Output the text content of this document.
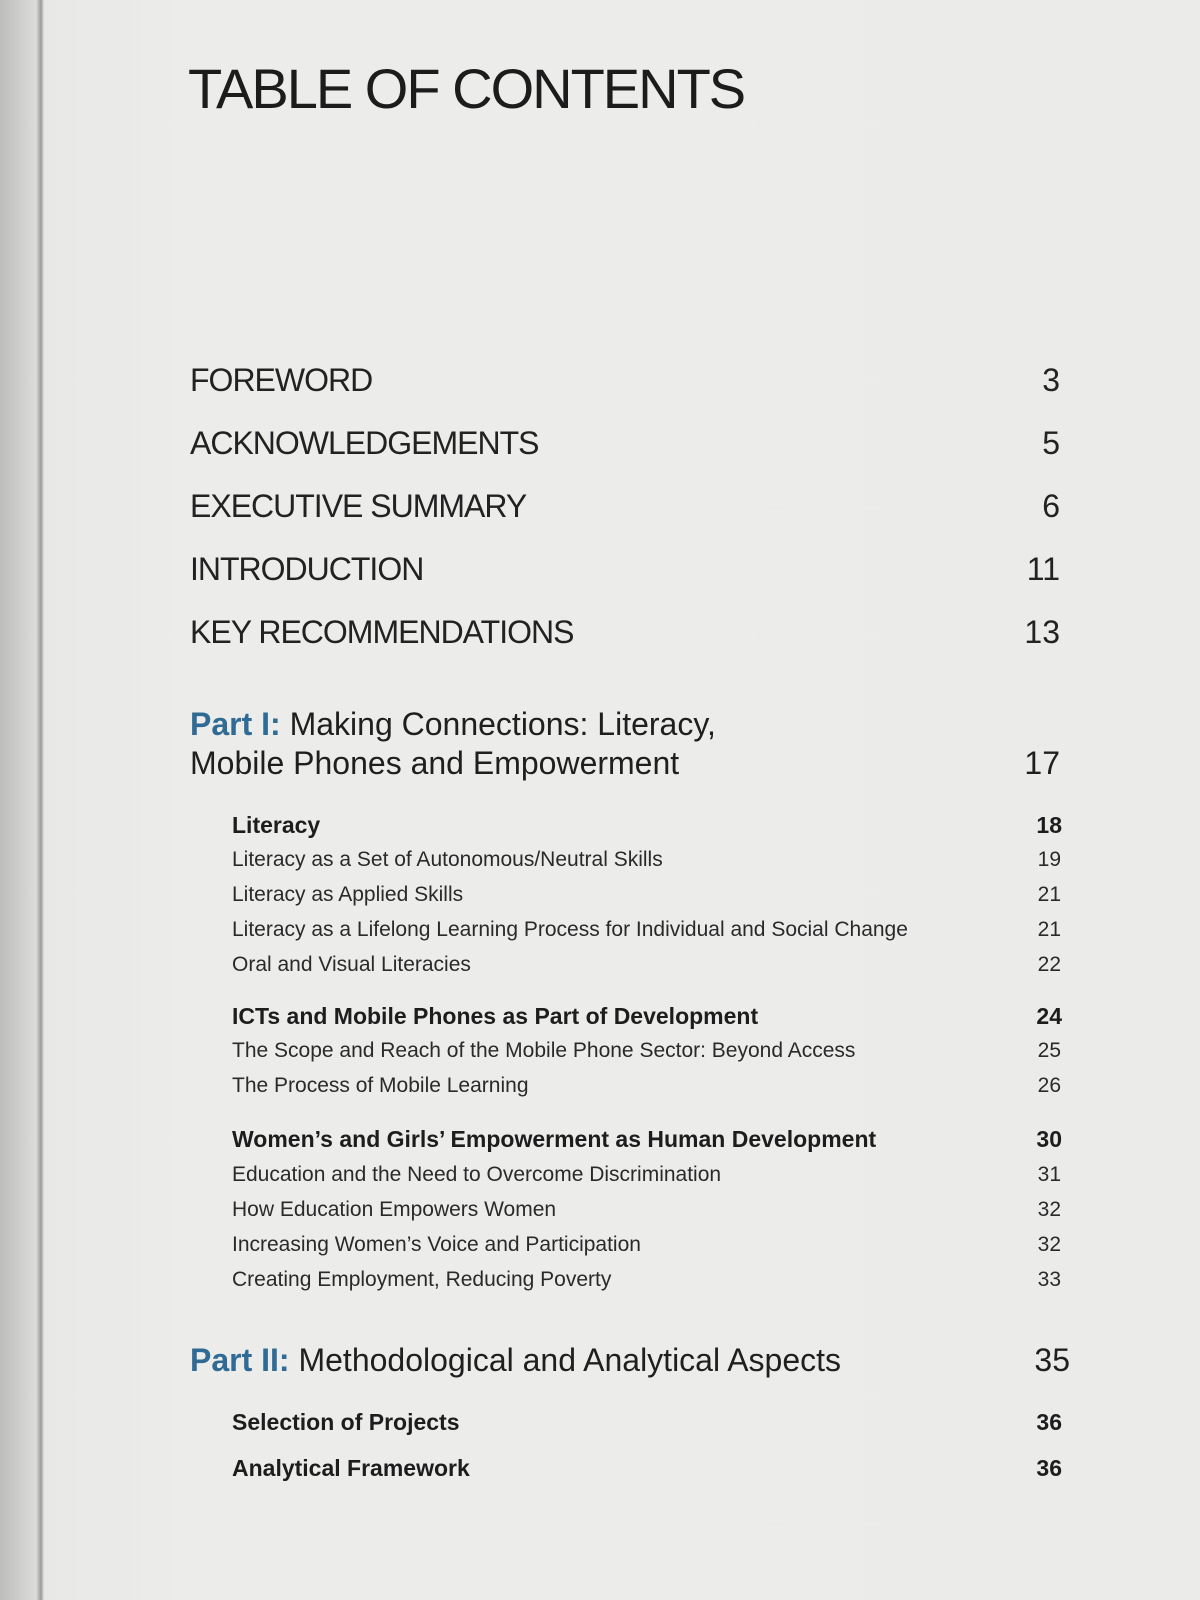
TABLE OF CONTENTS
FOREWORD	3
ACKNOWLEDGEMENTS	5
EXECUTIVE SUMMARY	6
INTRODUCTION	11
KEY RECOMMENDATIONS	13
Part I: Making Connections: Literacy,
Mobile Phones and Empowerment	17
Literacy	18
Literacy as a Set of Autonomous/Neutral Skills	19
Literacy as Applied Skills	21
Literacy as a Lifelong Learning Process for Individual and Social Change	21
Oral and Visual Literacies	22
ICTs and Mobile Phones as Part of Development	24
The Scope and Reach of the Mobile Phone Sector: Beyond Access	25
The Process of Mobile Learning	26
Women’s and Girls’ Empowerment as Human Development	30
Education and the Need to Overcome Discrimination	31
How Education Empowers Women	32
Increasing Women’s Voice and Participation	32
Creating Employment, Reducing Poverty	33
Part II: Methodological and Analytical Aspects	35
Selection of Projects	36
Analytical Framework	36
